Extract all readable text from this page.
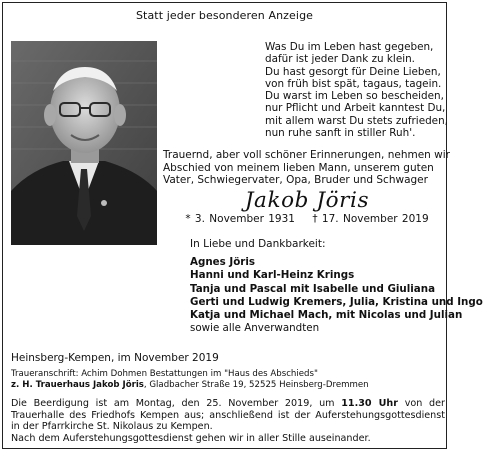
Statt jeder besonderen Anzeige
Was Du im Leben hast gegeben,
dafür ist jeder Dank zu klein.
Du hast gesorgt für Deine Lieben,
von früh bist spät, tagaus, tagein.
Du warst im Leben so bescheiden,
nur Pflicht und Arbeit kanntest Du,
mit allem warst Du stets zufrieden,
nun ruhe sanft in stiller Ruh'.
Trauernd, aber voll schöner Erinnerungen, nehmen wir
Abschied von meinem lieben Mann, unserem guten
Vater, Schwiegervater, Opa, Bruder und Schwager
Jakob Jöris
* 3. November 1931 † 17. November 2019
In Liebe und Dankbarkeit:
Agnes Jöris
Hanni und Karl-Heinz Krings
Tanja und Pascal mit Isabelle und Giuliana
Gerti und Ludwig Kremers, Julia, Kristina und Ingo
Katja und Michael Mach, mit Nicolas und Julian
sowie alle Anverwandten
Heinsberg-Kempen, im November 2019
Traueranschrift: Achim Dohmen Bestattungen im "Haus des Abschieds"
z. H. Trauerhaus Jakob Jöris, Gladbacher Straße 19, 52525 Heinsberg-Dremmen
Die Beerdigung ist am Montag, den 25. November 2019, um 11.30 Uhr von der
Trauerhalle des Friedhofs Kempen aus; anschließend ist der Auferstehungsgottesdienst
in der Pfarrkirche St. Nikolaus zu Kempen.
Nach dem Auferstehungsgottesdienst gehen wir in aller Stille auseinander.
